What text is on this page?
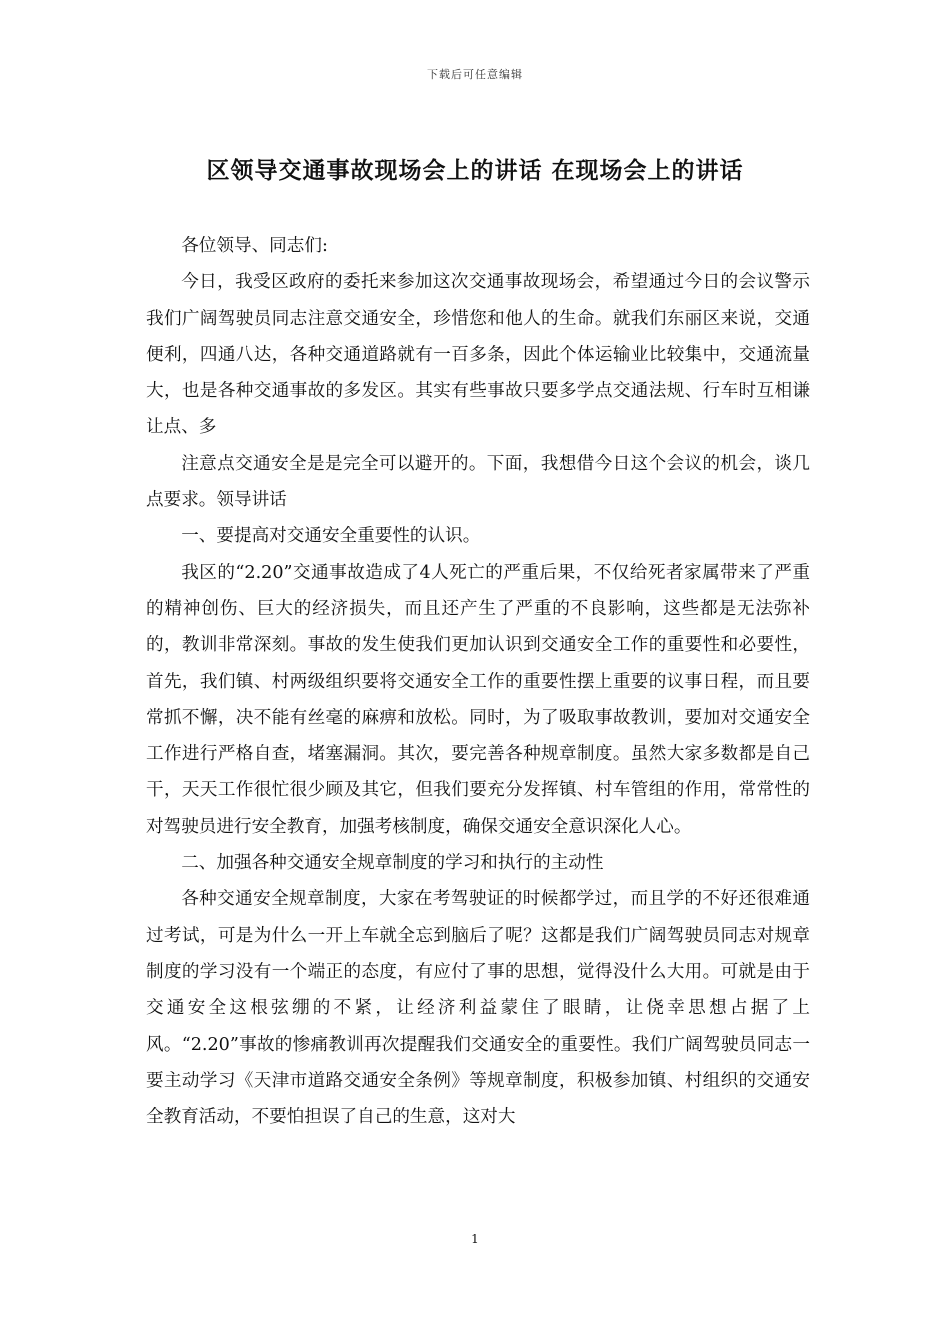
下载后可任意编辑
区领导交通事故现场会上的讲话 在现场会上的讲话

各位领导、同志们:

今日，我受区政府的委托来参加这次交通事故现场会，希望通过今日的会议警示我们广阔驾驶员同志注意交通安全，珍惜您和他人的生命。就我们东丽区来说，交通便利，四通八达，各种交通道路就有一百多条，因此个体运输业比较集中，交通流量大，也是各种交通事故的多发区。其实有些事故只要多学点交通法规、行车时互相谦让点、多

注意点交通安全是是完全可以避开的。下面，我想借今日这个会议的机会，谈几点要求。领导讲话

一、要提高对交通安全重要性的认识。

我区的“2.20”交通事故造成了4人死亡的严重后果，不仅给死者家属带来了严重的精神创伤、巨大的经济损失，而且还产生了严重的不良影响，这些都是无法弥补的，教训非常深刻。事故的发生使我们更加认识到交通安全工作的重要性和必要性，首先，我们镇、村两级组织要将交通安全工作的重要性摆上重要的议事日程，而且要常抓不懈，决不能有丝毫的麻痹和放松。同时，为了吸取事故教训，要加对交通安全工作进行严格自查，堵塞漏洞。其次，要完善各种规章制度。虽然大家多数都是自己干，天天工作很忙很少顾及其它，但我们要充分发挥镇、村车管组的作用，常常性的对驾驶员进行安全教育，加强考核制度，确保交通安全意识深化人心。

二、加强各种交通安全规章制度的学习和执行的主动性

各种交通安全规章制度，大家在考驾驶证的时候都学过，而且学的不好还很难通过考试，可是为什么一开上车就全忘到脑后了呢？这都是我们广阔驾驶员同志对规章制度的学习没有一个端正的态度，有应付了事的思想，觉得没什么大用。可就是由于交通安全这根弦绷的不紧，让经济利益蒙住了眼睛，让侥幸思想占据了上风。“2.20”事故的惨痛教训再次提醒我们交通安全的重要性。我们广阔驾驶员同志一要主动学习《天津市道路交通安全条例》等规章制度，积极参加镇、村组织的交通安全教育活动，不要怕担误了自己的生意，这对大

1
